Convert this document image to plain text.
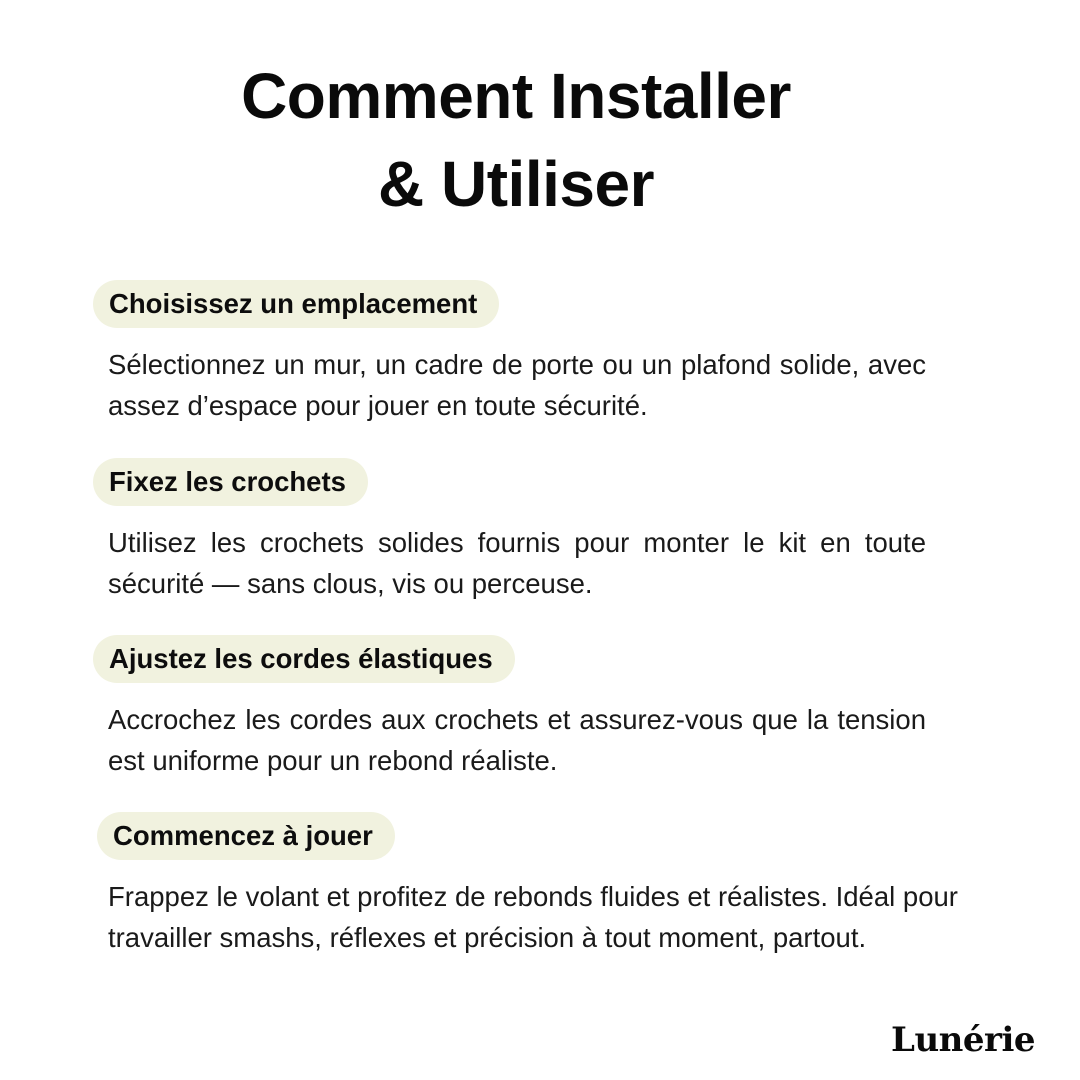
Comment Installer
& Utiliser
Choisissez un emplacement

Sélectionnez un mur, un cadre de porte ou un plafond solide, avec assez d’espace pour jouer en toute sécurité.

Fixez les crochets

Utilisez les crochets solides fournis pour monter le kit en toute sécurité — sans clous, vis ou perceuse.

Ajustez les cordes élastiques

Accrochez les cordes aux crochets et assurez-vous que la tension est uniforme pour un rebond réaliste.

Commencez à jouer

Frappez le volant et profitez de rebonds fluides et réalistes. Idéal pour travailler smashs, réflexes et précision à tout moment, partout.

Lunérie
